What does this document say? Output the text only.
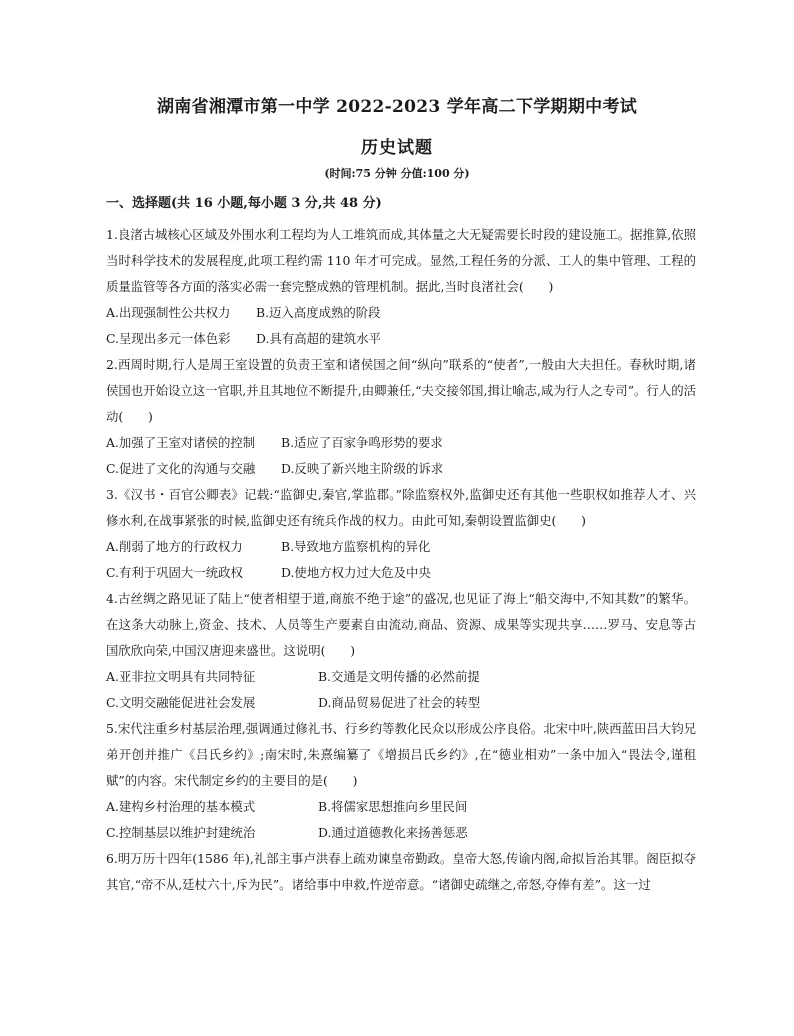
湖南省湘潭市第一中学 2022-2023 学年高二下学期期中考试
历史试题
(时间:75 分钟 分值:100 分)
一、选择题(共 16 小题,每小题 3 分,共 48 分)

1.良渚古城核心区域及外围水利工程均为人工堆筑而成,其体量之大无疑需要长时段的建设施工。据推算,依照当时科学技术的发展程度,此项工程约需 110 年才可完成。显然,工程任务的分派、工人的集中管理、工程的质量监管等各方面的落实必需一套完整成熟的管理机制。据此,当时良渚社会(　　)

A.出现强制性公共权力	B.迈入高度成熟的阶段
C.呈现出多元一体色彩	D.具有高超的建筑水平

2.西周时期,行人是周王室设置的负责王室和诸侯国之间“纵向”联系的“使者”,一般由大夫担任。春秋时期,诸侯国也开始设立这一官职,并且其地位不断提升,由卿兼任,“夫交接邻国,揖让喻志,咸为行人之专司”。行人的活动(　　)

A.加强了王室对诸侯的控制	B.适应了百家争鸣形势的要求
C.促进了文化的沟通与交融	D.反映了新兴地主阶级的诉求

3.《汉书・百官公卿表》记载:“监御史,秦官,掌监郡。”除监察权外,监御史还有其他一些职权如推荐人才、兴修水利,在战事紧张的时候,监御史还有统兵作战的权力。由此可知,秦朝设置监御史(　　)

A.削弱了地方的行政权力	B.导致地方监察机构的异化
C.有利于巩固大一统政权	D.使地方权力过大危及中央

4.古丝绸之路见证了陆上“使者相望于道,商旅不绝于途”的盛况,也见证了海上“船交海中,不知其数”的繁华。在这条大动脉上,资金、技术、人员等生产要素自由流动,商品、资源、成果等实现共享……罗马、安息等古国欣欣向荣,中国汉唐迎来盛世。这说明(　　)

A.亚非拉文明具有共同特征	B.交通是文明传播的必然前提
C.文明交融能促进社会发展	D.商品贸易促进了社会的转型

5.宋代注重乡村基层治理,强调通过修礼书、行乡约等教化民众以形成公序良俗。北宋中叶,陕西蓝田吕大钧兄弟开创并推广《吕氏乡约》;南宋时,朱熹编纂了《增损吕氏乡约》,在“德业相劝”一条中加入“畏法令,谨租赋”的内容。宋代制定乡约的主要目的是(　　)

A.建构乡村治理的基本模式	B.将儒家思想推向乡里民间
C.控制基层以维护封建统治	D.通过道德教化来扬善惩恶

6.明万历十四年(1586 年),礼部主事卢洪春上疏劝谏皇帝勤政。皇帝大怒,传谕内阁,命拟旨治其罪。阁臣拟夺其官,“帝不从,廷杖六十,斥为民”。诸给事中申救,忤逆帝意。“诸御史疏继之,帝怒,夺俸有差”。这一过
